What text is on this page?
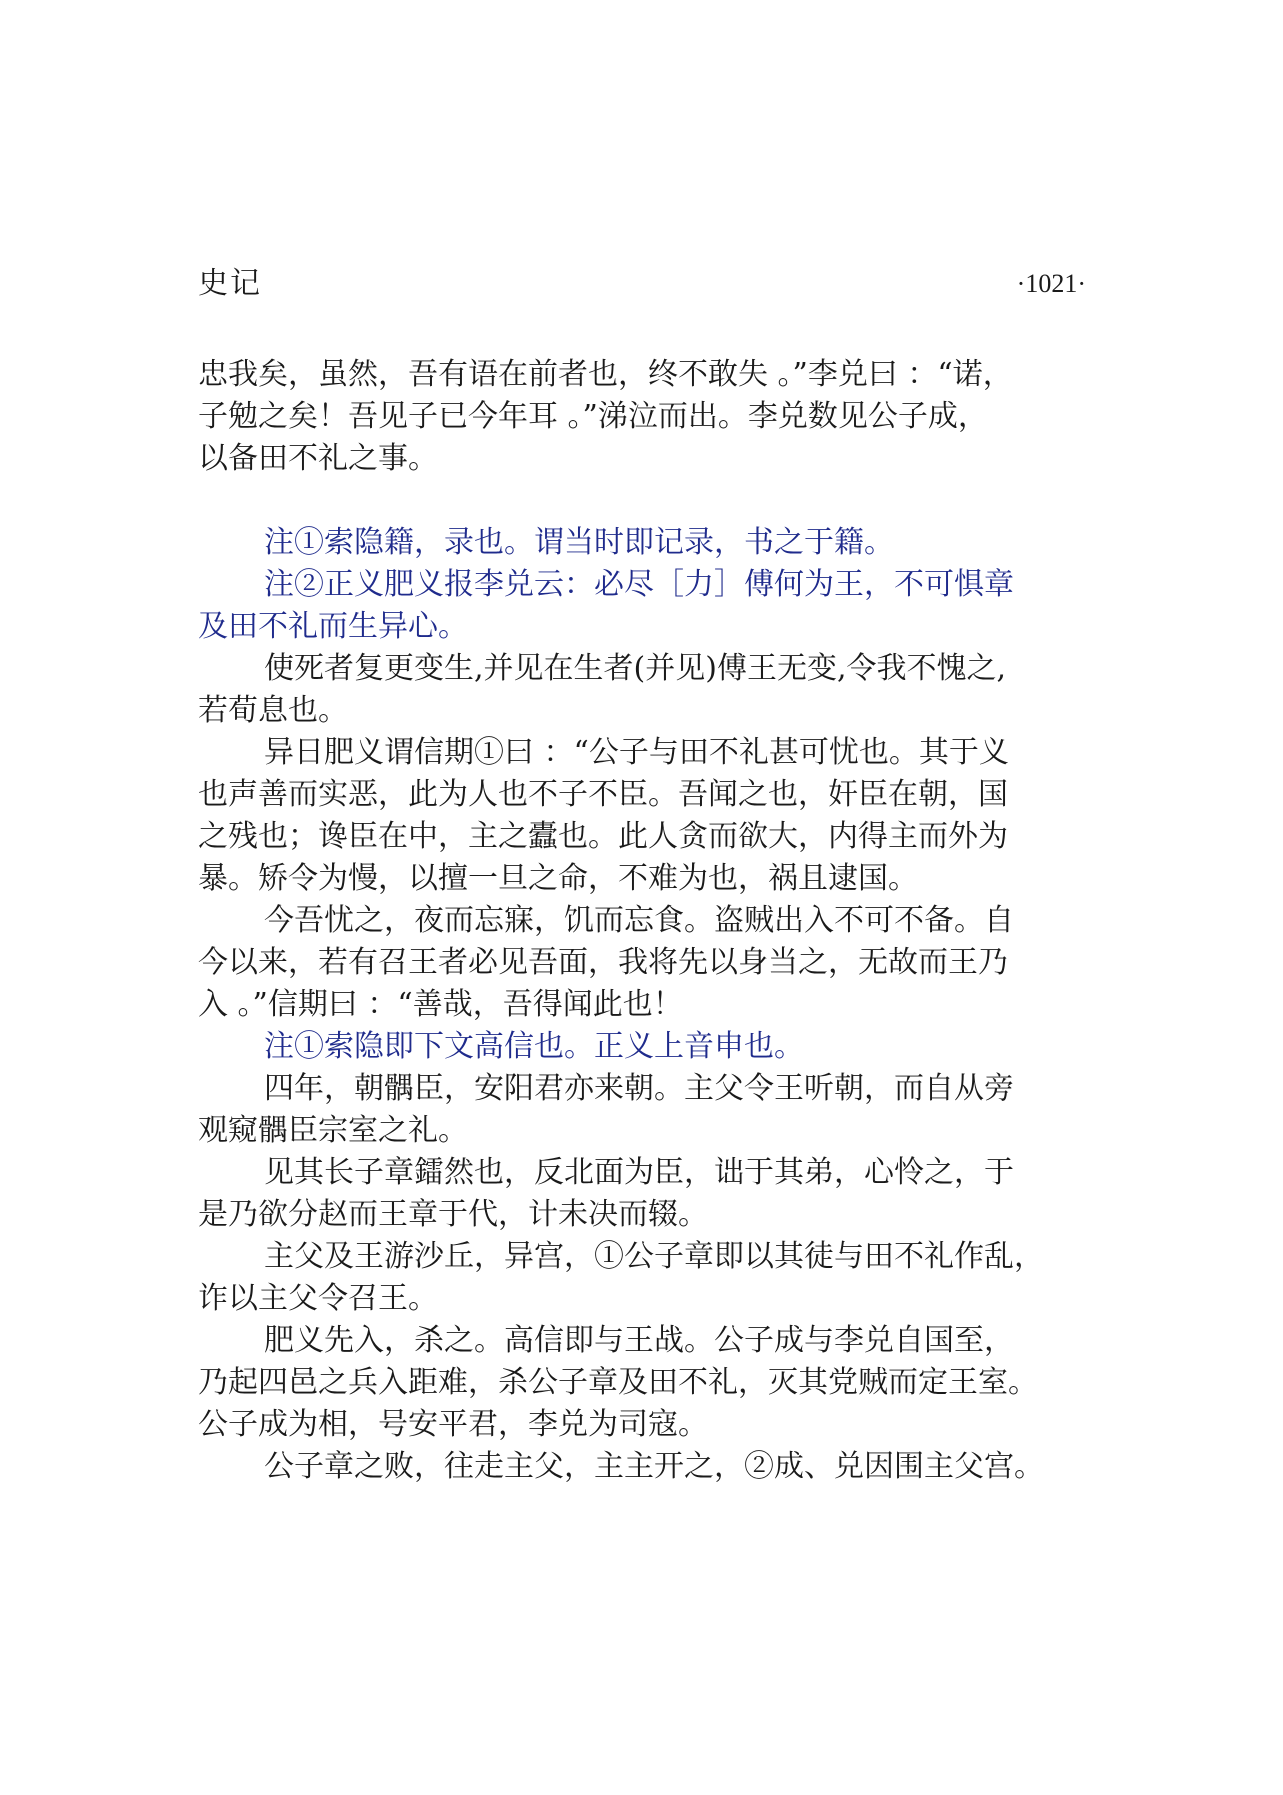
史记	·1021·
忠我矣，虽然，吾有语在前者也，终不敢失 。”李兑曰 ：“诺，
子勉之矣！吾见子已今年耳 。”涕泣而出。李兑数见公子成，
以备田不礼之事。
注①索隐籍，录也。谓当时即记录，书之于籍。
注②正义肥义报李兑云：必尽［力］傅何为王，不可惧章
及田不礼而生异心。
使死者复更变生,并见在生者(并见)傅王无变,令我不愧之,
若荀息也。
异日肥义谓信期①曰 ：“公子与田不礼甚可忧也。其于义
也声善而实恶，此为人也不子不臣。吾闻之也，奸臣在朝，国
之残也；谗臣在中，主之蠹也。此人贪而欲大，内得主而外为
暴。矫令为慢，以擅一旦之命，不难为也，祸且逮国。
今吾忧之，夜而忘寐，饥而忘食。盗贼出入不可不备。自
今以来，若有召王者必见吾面，我将先以身当之，无故而王乃
入 。”信期曰 ：“善哉，吾得闻此也！
注①索隐即下文高信也。正义上音申也。
四年，朝髃臣，安阳君亦来朝。主父令王听朝，而自从旁
观窥髃臣宗室之礼。
见其长子章鐳然也，反北面为臣，诎于其弟，心怜之，于
是乃欲分赵而王章于代，计未决而辍。
主父及王游沙丘，异宫，①公子章即以其徒与田不礼作乱，
诈以主父令召王。
肥义先入，杀之。高信即与王战。公子成与李兑自国至，
乃起四邑之兵入距难，杀公子章及田不礼，灭其党贼而定王室。
公子成为相，号安平君，李兑为司寇。
公子章之败，往走主父，主主开之，②成、兑因围主父宫。
